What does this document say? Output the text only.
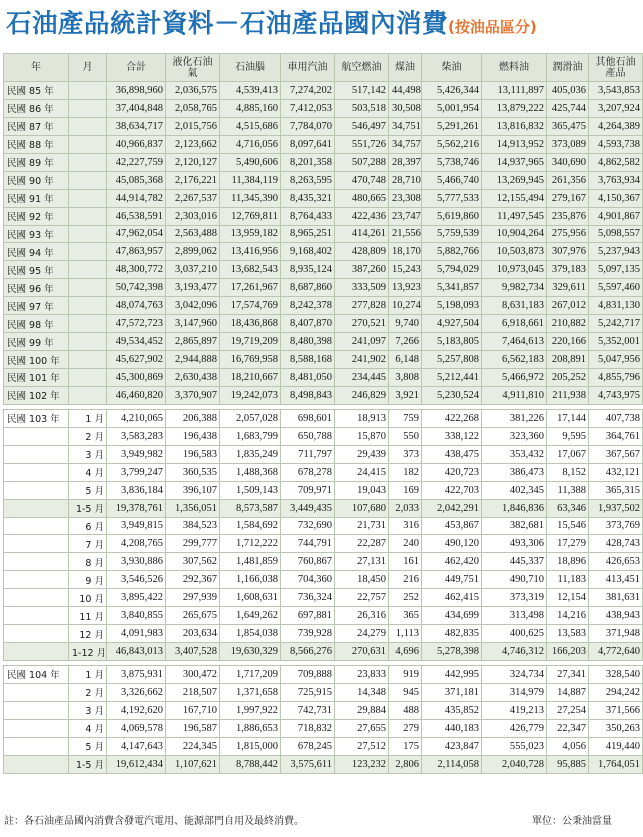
石油產品統計資料－石油產品國內消費(按油品區分)
年	月	合計	液化石油氣	石油腦	車用汽油	航空燃油	煤油	柴油	燃料油	潤滑油	其他石油產品
民國 85 年		36,898,960	2,036,575	4,539,413	7,274,202	517,142	44,498	5,426,344	13,111,897	405,036	3,543,853
民國 86 年		37,404,848	2,058,765	4,885,160	7,412,053	503,518	30,508	5,001,954	13,879,222	425,744	3,207,924
民國 87 年		38,634,717	2,015,756	4,515,686	7,784,070	546,497	34,751	5,291,261	13,816,832	365,475	4,264,389
民國 88 年		40,966,837	2,123,662	4,716,056	8,097,641	551,726	34,757	5,562,216	14,913,952	373,089	4,593,738
民國 89 年		42,227,759	2,120,127	5,490,606	8,201,358	507,288	28,397	5,738,746	14,937,965	340,690	4,862,582
民國 90 年		45,085,368	2,176,221	11,384,119	8,263,595	470,748	28,710	5,466,740	13,269,945	261,356	3,763,934
民國 91 年		44,914,782	2,267,537	11,345,390	8,435,321	480,665	23,308	5,777,533	12,155,494	279,167	4,150,367
民國 92 年		46,538,591	2,303,016	12,769,811	8,764,433	422,436	23,747	5,619,860	11,497,545	235,876	4,901,867
民國 93 年		47,962,054	2,563,488	13,959,182	8,965,251	414,261	21,556	5,759,539	10,904,264	275,956	5,098,557
民國 94 年		47,863,957	2,899,062	13,416,956	9,168,402	428,809	18,170	5,882,766	10,503,873	307,976	5,237,943
民國 95 年		48,300,772	3,037,210	13,682,543	8,935,124	387,260	15,243	5,794,029	10,973,045	379,183	5,097,135
民國 96 年		50,742,398	3,193,477	17,261,967	8,687,860	333,509	13,923	5,341,857	9,982,734	329,611	5,597,460
民國 97 年		48,074,763	3,042,096	17,574,769	8,242,378	277,828	10,274	5,198,093	8,631,183	267,012	4,831,130
民國 98 年		47,572,723	3,147,960	18,436,868	8,407,870	270,521	9,740	4,927,504	6,918,661	210,882	5,242,717
民國 99 年		49,534,452	2,865,897	19,719,209	8,480,398	241,097	7,266	5,183,805	7,464,613	220,166	5,352,001
民國 100 年		45,627,902	2,944,888	16,769,958	8,588,168	241,902	6,148	5,257,808	6,562,183	208,891	5,047,956
民國 101 年		45,300,869	2,630,438	18,210,667	8,481,050	234,445	3,808	5,212,441	5,466,972	205,252	4,855,796
民國 102 年		46,460,820	3,370,907	19,242,073	8,498,843	246,829	3,921	5,230,524	4,911,810	211,938	4,743,975

民國 103 年	1 月	4,210,065	206,388	2,057,028	698,601	18,913	759	422,268	381,226	17,144	407,738
	2 月	3,583,283	196,438	1,683,799	650,788	15,870	550	338,122	323,360	9,595	364,761
	3 月	3,949,982	196,583	1,835,249	711,797	29,439	373	438,475	353,432	17,067	367,567
	4 月	3,799,247	360,535	1,488,368	678,278	24,415	182	420,723	386,473	8,152	432,121
	5 月	3,836,184	396,107	1,509,143	709,971	19,043	169	422,703	402,345	11,388	365,315
	1-5 月	19,378,761	1,356,051	8,573,587	3,449,435	107,680	2,033	2,042,291	1,846,836	63,346	1,937,502
	6 月	3,949,815	384,523	1,584,692	732,690	21,731	316	453,867	382,681	15,546	373,769
	7 月	4,208,765	299,777	1,712,222	744,791	22,287	240	490,120	493,306	17,279	428,743
	8 月	3,930,886	307,562	1,481,859	760,867	27,131	161	462,420	445,337	18,896	426,653
	9 月	3,546,526	292,367	1,166,038	704,360	18,450	216	449,751	490,710	11,183	413,451
	10 月	3,895,422	297,939	1,608,631	736,324	22,757	252	462,415	373,319	12,154	381,631
	11 月	3,840,855	265,675	1,649,262	697,881	26,316	365	434,699	313,498	14,216	438,943
	12 月	4,091,983	203,634	1,854,038	739,928	24,279	1,113	482,835	400,625	13,583	371,948
	1-12 月	46,843,013	3,407,528	19,630,329	8,566,276	270,631	4,696	5,278,398	4,746,312	166,203	4,772,640

民國 104 年	1 月	3,875,931	300,472	1,717,209	709,888	23,833	919	442,995	324,734	27,341	328,540
	2 月	3,326,662	218,507	1,371,658	725,915	14,348	945	371,181	314,979	14,887	294,242
	3 月	4,192,620	167,710	1,997,922	742,731	29,884	488	435,852	419,213	27,254	371,566
	4 月	4,069,578	196,587	1,886,653	718,832	27,655	279	440,183	426,779	22,347	350,263
	5 月	4,147,643	224,345	1,815,000	678,245	27,512	175	423,847	555,023	4,056	419,440
	1-5 月	19,612,434	1,107,621	8,788,442	3,575,611	123,232	2,806	2,114,058	2,040,728	95,885	1,764,051
註：各石油產品國內消費含發電汽電用、能源部門自用及最終消費。	單位：公秉油當量
